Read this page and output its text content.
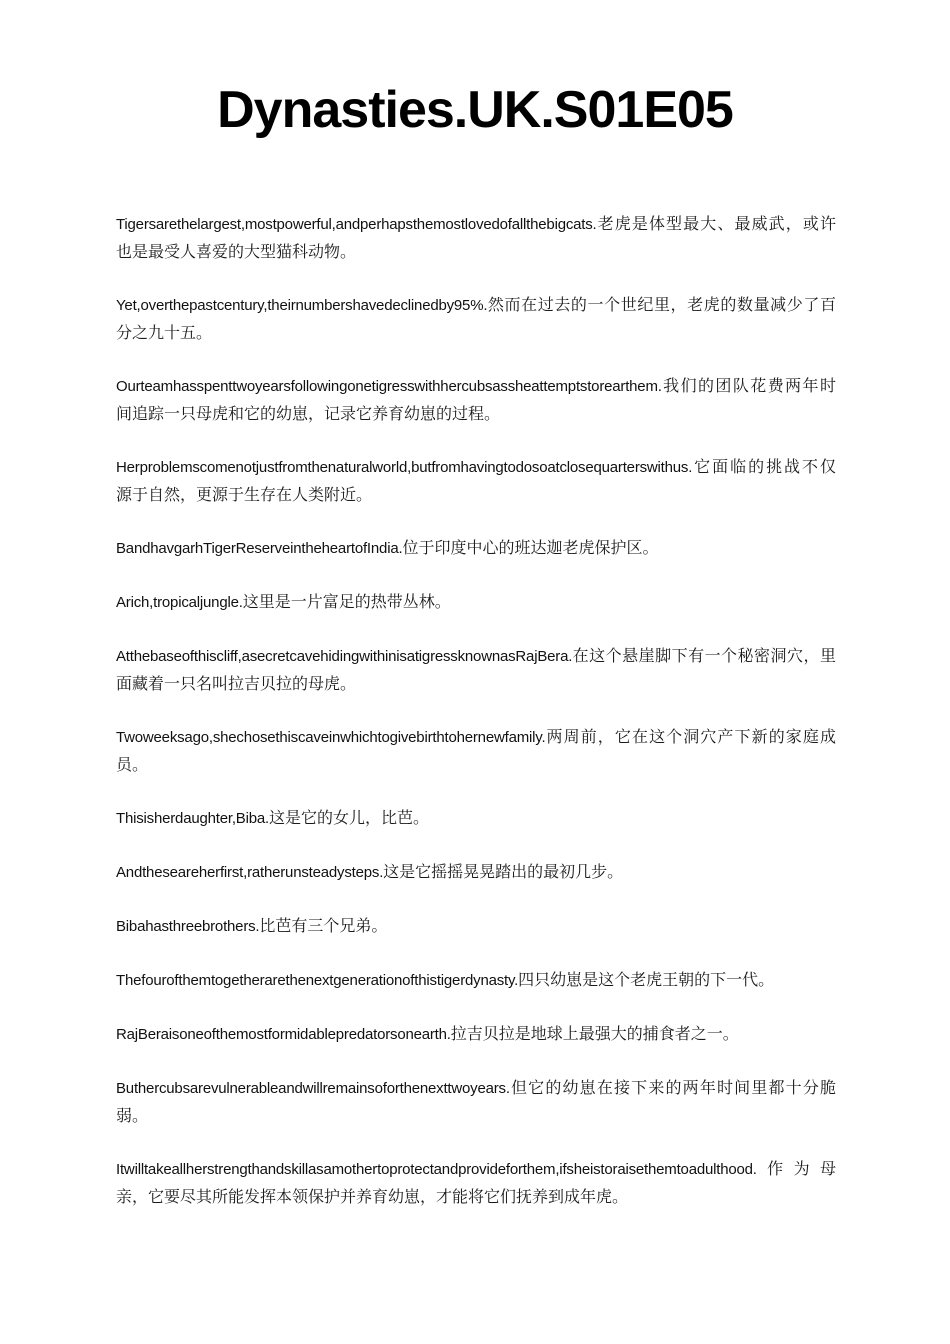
Dynasties.UK.S01E05

Tigersarethelargest,mostpowerful,andperhapsthemostlovedofallthebigcats.老虎是体型最大、最威武，或许也是最受人喜爱的大型猫科动物。

Yet,overthepastcentury,theirnumbershavedeclinedby95%.然而在过去的一个世纪里，老虎的数量减少了百分之九十五。

Ourteamhasspenttwoyearsfollowingonetigresswithhercubsassheattemptstorearthem.我们的团队花费两年时间追踪一只母虎和它的幼崽，记录它养育幼崽的过程。

Herproblemscomenotjustfromthenaturalworld,butfromhavingtodosoatclosequarterswithus.它面临的挑战不仅源于自然，更源于生存在人类附近。

BandhavgarhTigerReserveintheheartofIndia.位于印度中心的班达迦老虎保护区。

Arich,tropicaljungle.这里是一片富足的热带丛林。

Atthebaseofthiscliff,asecretcavehidingwithinisatigressknownasRajBera.在这个悬崖脚下有一个秘密洞穴，里面藏着一只名叫拉吉贝拉的母虎。

Twoweeksago,shechosethiscaveinwhichtogivebirthtohernewfamily.两周前，它在这个洞穴产下新的家庭成员。

Thisisherdaughter,Biba.这是它的女儿，比芭。

Andtheseareherfirst,ratherunsteadysteps.这是它摇摇晃晃踏出的最初几步。

Bibahasthreebrothers.比芭有三个兄弟。

Thefourofthemtogetherarethenextgenerationofthistigerdynasty.四只幼崽是这个老虎王朝的下一代。

RajBeraisoneofthemostformidablepredatorsonearth.拉吉贝拉是地球上最强大的捕食者之一。

Buthercubsarevulnerableandwillremainsoforthenexttwoyears.但它的幼崽在接下来的两年时间里都十分脆弱。

Itwilltakeallherstrengthandskillasamothertoprotectandprovideforthem,ifsheistoraisethemtoadulthood.作为母亲，它要尽其所能发挥本领保护并养育幼崽，才能将它们抚养到成年虎。
